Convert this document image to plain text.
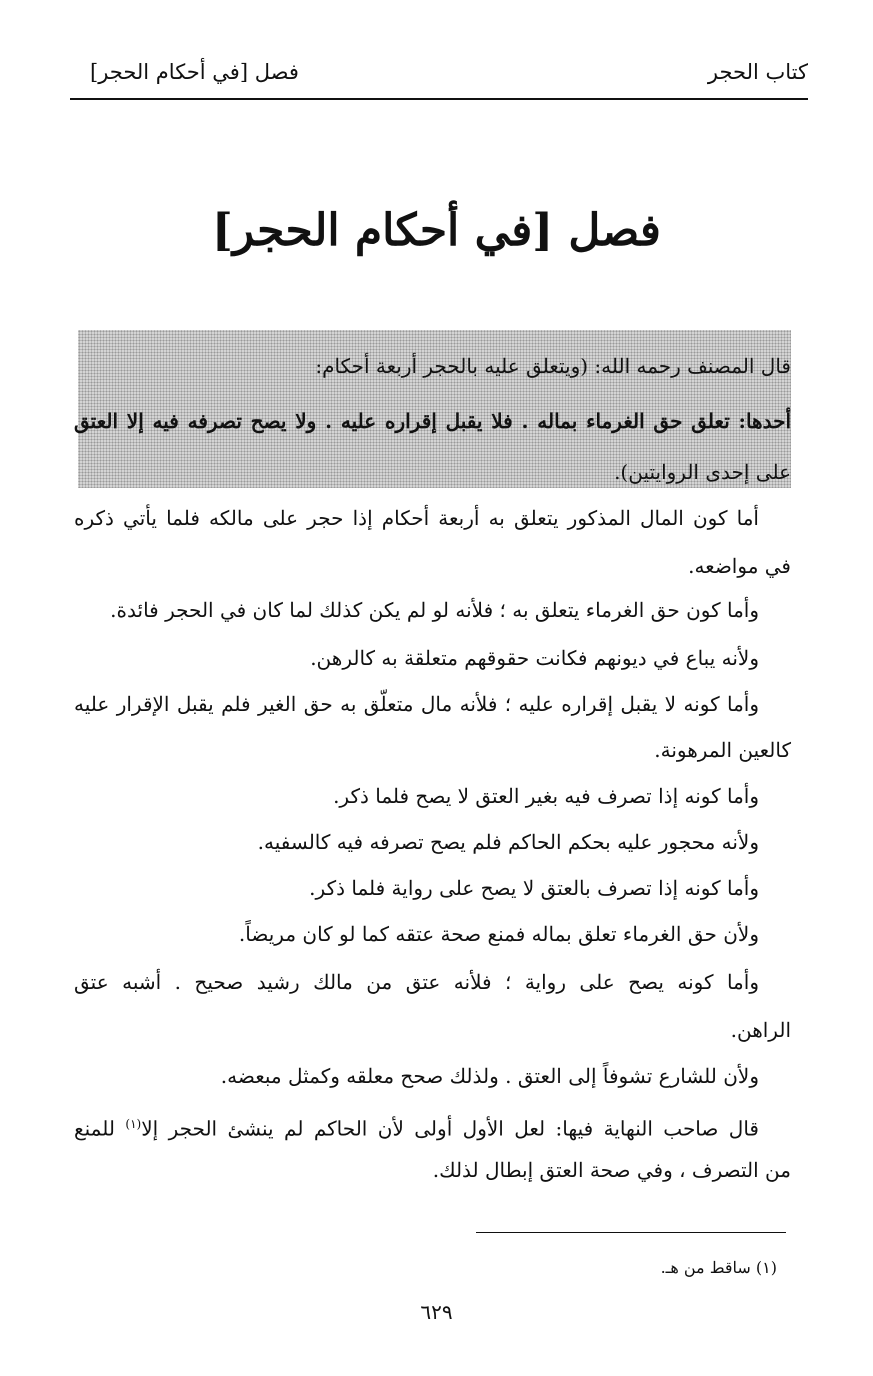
كتاب الحجر
فصل [في أحكام الحجر]
فصل [في أحكام الحجر]
قال المصنف رحمه الله: (ويتعلق عليه بالحجر أربعة أحكام:
أحدها: تعلق حق الغرماء بماله . فلا يقبل إقراره عليه . ولا يصح تصرفه فيه إلا العتق
على إحدى الروايتين).
أما كون المال المذكور يتعلق به أربعة أحكام إذا حجر على مالكه فلما يأتي ذكره
في مواضعه.
وأما كون حق الغرماء يتعلق به ؛ فلأنه لو لم يكن كذلك لما كان في الحجر فائدة.
ولأنه يباع في ديونهم فكانت حقوقهم متعلقة به كالرهن.
وأما كونه لا يقبل إقراره عليه ؛ فلأنه مال متعلّق به حق الغير فلم يقبل الإقرار عليه
كالعين المرهونة.
وأما كونه إذا تصرف فيه بغير العتق لا يصح فلما ذكر.
ولأنه محجور عليه بحكم الحاكم فلم يصح تصرفه فيه كالسفيه.
وأما كونه إذا تصرف بالعتق لا يصح على رواية فلما ذكر.
ولأن حق الغرماء تعلق بماله فمنع صحة عتقه كما لو كان مريضاً.
وأما كونه يصح على رواية ؛ فلأنه عتق من مالك رشيد صحيح . أشبه عتق
الراهن.
ولأن للشارع تشوفاً إلى العتق . ولذلك صحح معلقه وكمثل مبعضه.
قال صاحب النهاية فيها: لعل الأول أولى لأن الحاكم لم ينشئ الحجر إلا$^{(١)}$ للمنع
من التصرف ، وفي صحة العتق إبطال لذلك.
(١) ساقط من هـ.
٦٢٩
